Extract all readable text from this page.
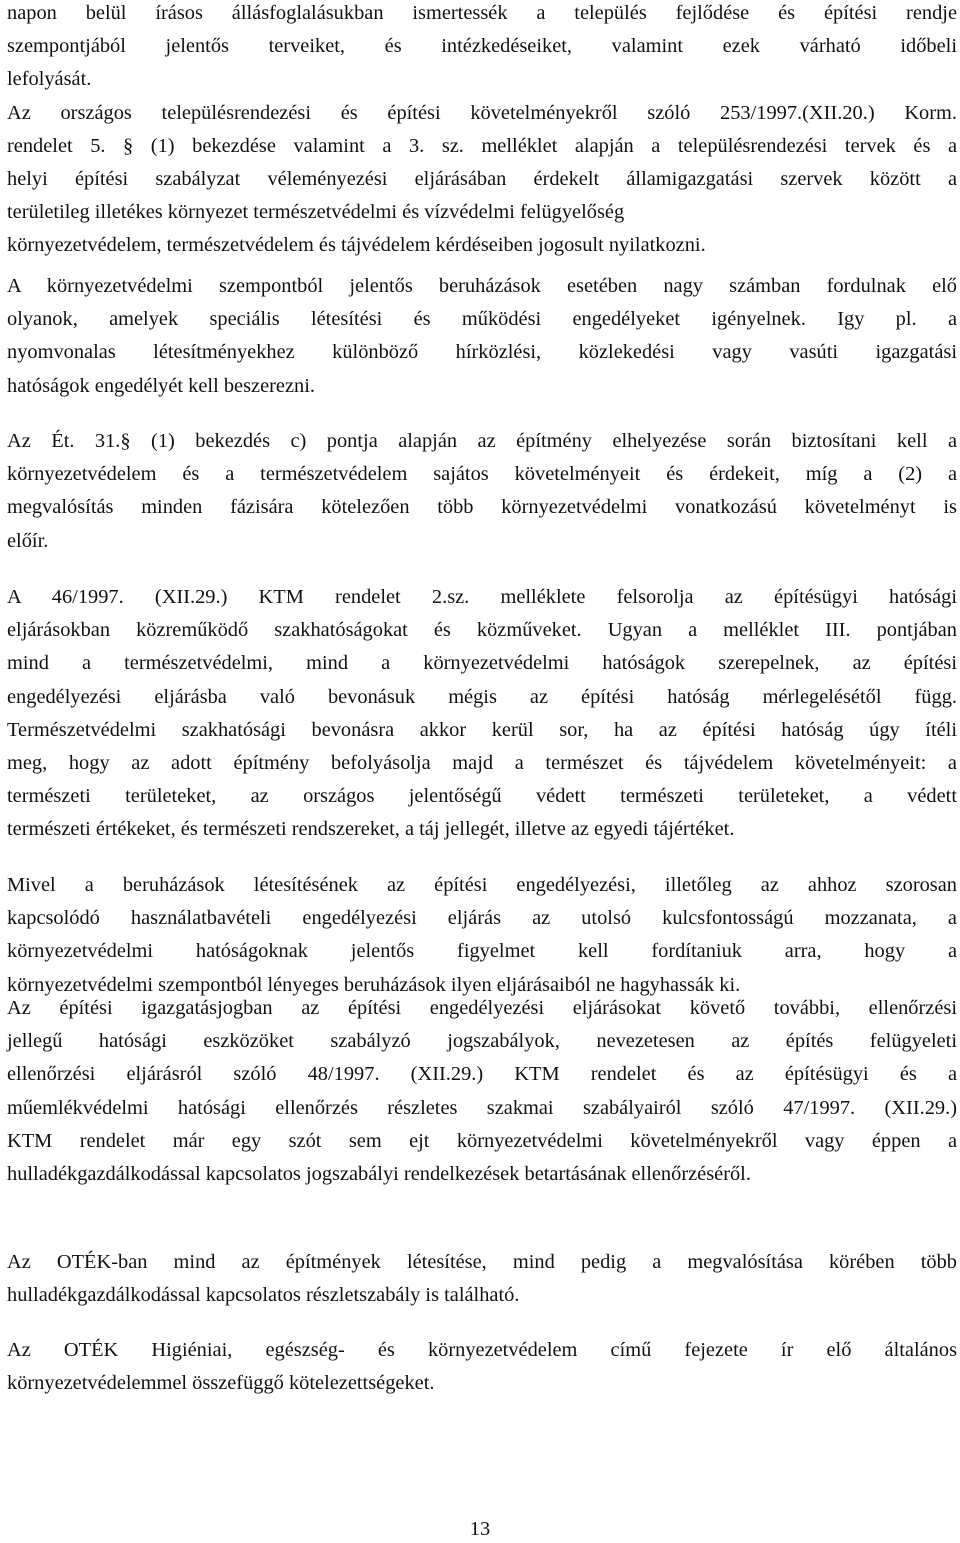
napon belül írásos állásfoglalásukban ismertessék a település fejlődése és építési rendje
szempontjából jelentős terveiket, és intézkedéseiket, valamint ezek várható időbeli
lefolyását.
Az országos településrendezési és építési követelményekről szóló 253/1997.(XII.20.) Korm.
rendelet 5. § (1) bekezdése valamint a 3. sz. melléklet alapján a településrendezési tervek és a
helyi építési szabályzat véleményezési eljárásában érdekelt államigazgatási szervek között a
területileg illetékes környezet természetvédelmi és vízvédelmi felügyelőség
környezetvédelem, természetvédelem és tájvédelem kérdéseiben jogosult nyilatkozni.
A környezetvédelmi szempontból jelentős beruházások esetében nagy számban fordulnak elő
olyanok, amelyek speciális létesítési és működési engedélyeket igényelnek. Igy pl. a
nyomvonalas létesítményekhez különböző hírközlési, közlekedési vagy vasúti igazgatási
hatóságok engedélyét kell beszerezni.
Az Ét. 31.§ (1) bekezdés c) pontja alapján az építmény elhelyezése során biztosítani kell a
környezetvédelem és a természetvédelem sajátos követelményeit és érdekeit, míg a (2) a
megvalósítás minden fázisára kötelezően több környezetvédelmi vonatkozású követelményt is
előír.
A 46/1997. (XII.29.) KTM rendelet 2.sz. melléklete felsorolja az építésügyi hatósági
eljárásokban közreműködő szakhatóságokat és közműveket. Ugyan a melléklet III. pontjában
mind a természetvédelmi, mind a környezetvédelmi hatóságok szerepelnek, az építési
engedélyezési eljárásba való bevonásuk mégis az építési hatóság mérlegelésétől függ.
Természetvédelmi szakhatósági bevonásra akkor kerül sor, ha az építési hatóság úgy ítéli
meg, hogy az adott építmény befolyásolja majd a természet és tájvédelem követelményeit: a
természeti területeket, az országos jelentőségű védett természeti területeket, a védett
természeti értékeket, és természeti rendszereket, a táj jellegét, illetve az egyedi tájértéket.
Mivel a beruházások létesítésének az építési engedélyezési, illetőleg az ahhoz szorosan
kapcsolódó használatbavételi engedélyezési eljárás az utolsó kulcsfontosságú mozzanata, a
környezetvédelmi hatóságoknak jelentős figyelmet kell fordítaniuk arra, hogy a
környezetvédelmi szempontból lényeges beruházások ilyen eljárásaiból ne hagyhassák ki.
Az építési igazgatásjogban az építési engedélyezési eljárásokat követő további, ellenőrzési
jellegű hatósági eszközöket szabályzó jogszabályok, nevezetesen az építés felügyeleti
ellenőrzési eljárásról szóló 48/1997. (XII.29.) KTM rendelet és az építésügyi és a
műemlékvédelmi hatósági ellenőrzés részletes szakmai szabályairól szóló 47/1997. (XII.29.)
KTM rendelet már egy szót sem ejt környezetvédelmi követelményekről vagy éppen a
hulladékgazdálkodással kapcsolatos jogszabályi rendelkezések betartásának ellenőrzéséről.
Az OTÉK-ban mind az építmények létesítése, mind pedig a megvalósítása körében több
hulladékgazdálkodással kapcsolatos részletszabály is található.
Az OTÉK Higiéniai, egészség- és környezetvédelem című fejezete ír elő általános
környezetvédelemmel összefüggő kötelezettségeket.
13
